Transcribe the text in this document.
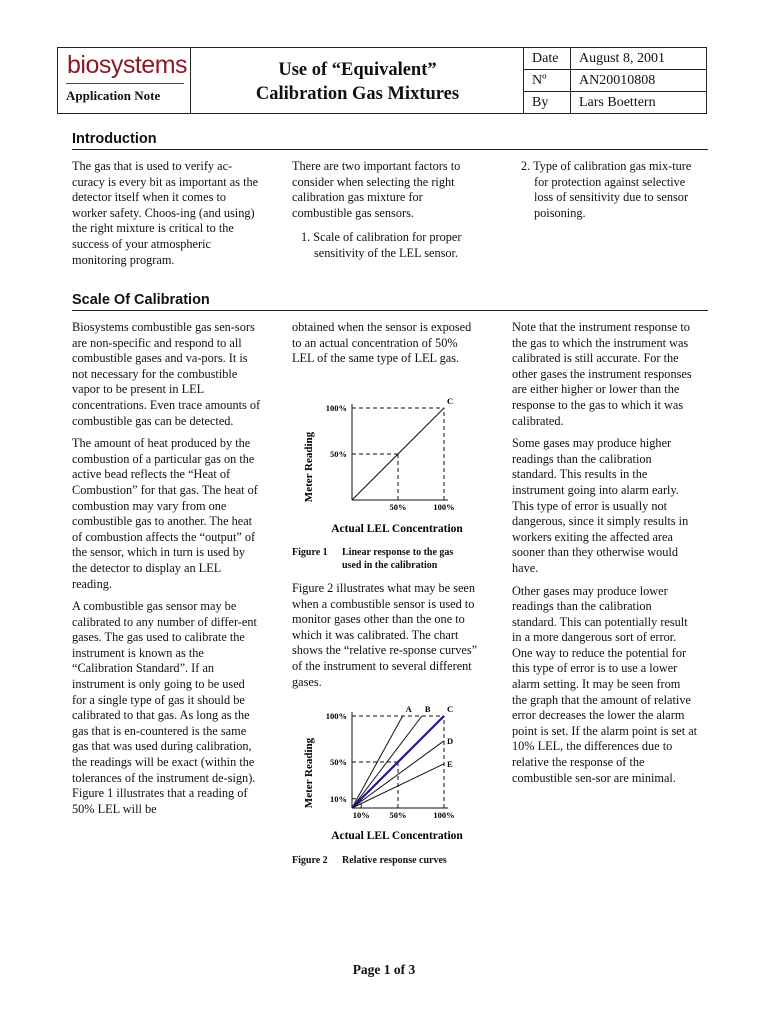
biosystems
Application Note
Use of “Equivalent”
Calibration Gas Mixtures
Date	August 8, 2001
Nº	AN20010808
By	Lars Boettern
Introduction

The gas that is used to verify ac-curacy is every bit as important as the detector itself when it comes to worker safety. Choos-ing (and using) the right mixture is critical to the success of your atmospheric monitoring program.

There are two important factors to consider when selecting the right calibration gas mixture for combustible gas sensors.

1. Scale of calibration for proper sensitivity of the LEL sensor.

2. Type of calibration gas mix-ture for protection against selective loss of sensitivity due to sensor poisoning.

Scale Of Calibration

Biosystems combustible gas sen-sors are non-specific and respond to all combustible gases and va-pors. It is not necessary for the combustible vapor to be present in LEL concentrations. Even trace amounts of combustible gas can be detected.

The amount of heat produced by the combustion of a particular gas on the active bead reflects the “Heat of Combustion” for that gas. The heat of combustion may vary from one combustible gas to another. The heat of combustion affects the “output” of the sensor, which in turn is used by the detector to display an LEL reading.

A combustible gas sensor may be calibrated to any number of differ-ent gases. The gas used to calibrate the instrument is known as the “Calibration Standard”. If an instrument is only going to be used for a single type of gas it should be calibrated to that gas. As long as the gas that is en-countered is the same gas that was used during calibration, the readings will be exact (within the tolerances of the instrument de-sign). Figure 1 illustrates that a reading of 50% LEL will be

obtained when the sensor is exposed to an actual concentration of 50% LEL of the same type of LEL gas.

Meter Reading
Actual LEL Concentration
100%
50%
50%	100%
C
Figure 1 Linear response to the gas
used in the calibration

Figure 2 illustrates what may be seen when a combustible sensor is used to monitor gases other than the one to which it was calibrated. The chart shows the “relative re-sponse curves” of the instrument to several different gases.

Meter Reading
Actual LEL Concentration
100%
50%
10%
10% 50%	100%
A B C
D
E
Figure 2 Relative response curves

Note that the instrument response to the gas to which the instrument was calibrated is still accurate. For the other gases the instrument responses are either higher or lower than the response to the gas to which it was calibrated.

Some gases may produce higher readings than the calibration standard. This results in the instrument going into alarm early. This type of error is usually not dangerous, since it simply results in workers exiting the affected area sooner than they otherwise would have.

Other gases may produce lower readings than the calibration standard. This can potentially result in a more dangerous sort of error. One way to reduce the potential for this type of error is to use a lower alarm setting. It may be seen from the graph that the amount of relative error decreases the lower the alarm point is set. If the alarm point is set at 10% LEL, the differences due to relative the response of the combustible sen-sor are minimal.

Page 1 of 3
